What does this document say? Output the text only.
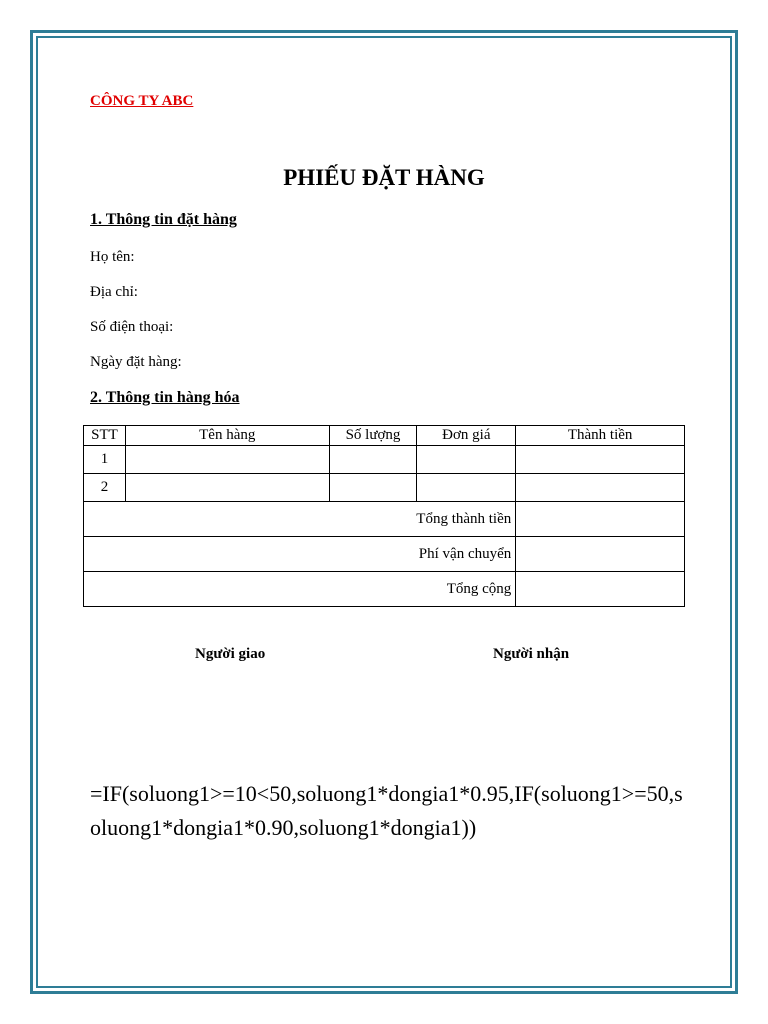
CÔNG TY ABC
PHIẾU ĐẶT HÀNG
1. Thông tin đặt hàng
Họ tên:
Địa chỉ:
Số điện thoại:
Ngày đặt hàng:
2. Thông tin hàng hóa
STT	Tên hàng	Số lượng	Đơn giá	Thành tiền
1				
2				
Tổng thành tiền				
Phí vận chuyển				
Tổng cộng				
Người giao	Người nhận
=IF(soluong1>=10<50,soluong1*dongia1*0.95,IF(soluong1>=50,soluong1*dongia1*0.90,soluong1*dongia1))
